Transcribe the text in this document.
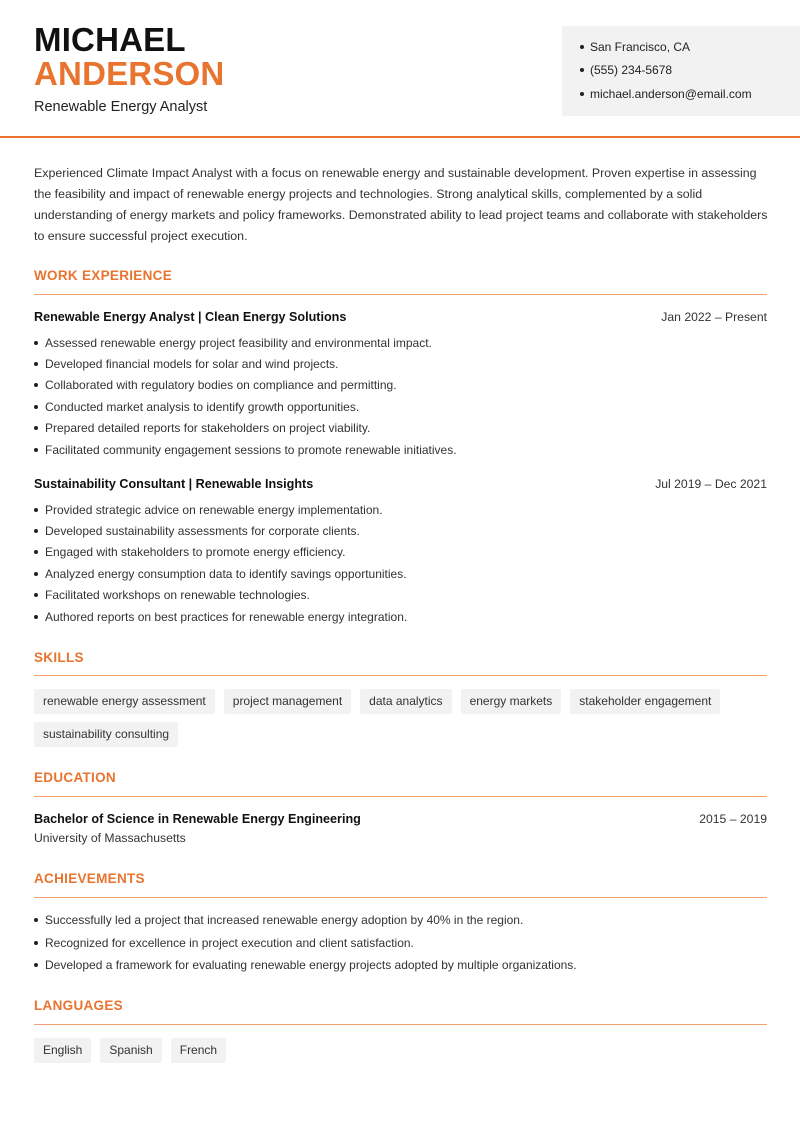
MICHAEL
ANDERSON
Renewable Energy Analyst
San Francisco, CA
(555) 234-5678
michael.anderson@email.com

Experienced Climate Impact Analyst with a focus on renewable energy and sustainable development. Proven expertise in assessing the feasibility and impact of renewable energy projects and technologies. Strong analytical skills, complemented by a solid understanding of energy markets and policy frameworks. Demonstrated ability to lead project teams and collaborate with stakeholders to ensure successful project execution.

WORK EXPERIENCE
Renewable Energy Analyst | Clean Energy Solutions	Jan 2022 – Present
Assessed renewable energy project feasibility and environmental impact.
Developed financial models for solar and wind projects.
Collaborated with regulatory bodies on compliance and permitting.
Conducted market analysis to identify growth opportunities.
Prepared detailed reports for stakeholders on project viability.
Facilitated community engagement sessions to promote renewable initiatives.
Sustainability Consultant | Renewable Insights	Jul 2019 – Dec 2021
Provided strategic advice on renewable energy implementation.
Developed sustainability assessments for corporate clients.
Engaged with stakeholders to promote energy efficiency.
Analyzed energy consumption data to identify savings opportunities.
Facilitated workshops on renewable technologies.
Authored reports on best practices for renewable energy integration.
SKILLS
renewable energy assessment	project management	data analytics	energy markets	stakeholder engagement
sustainability consulting
EDUCATION
Bachelor of Science in Renewable Energy Engineering	2015 – 2019
University of Massachusetts
ACHIEVEMENTS
Successfully led a project that increased renewable energy adoption by 40% in the region.
Recognized for excellence in project execution and client satisfaction.
Developed a framework for evaluating renewable energy projects adopted by multiple organizations.
LANGUAGES
English	Spanish	French
